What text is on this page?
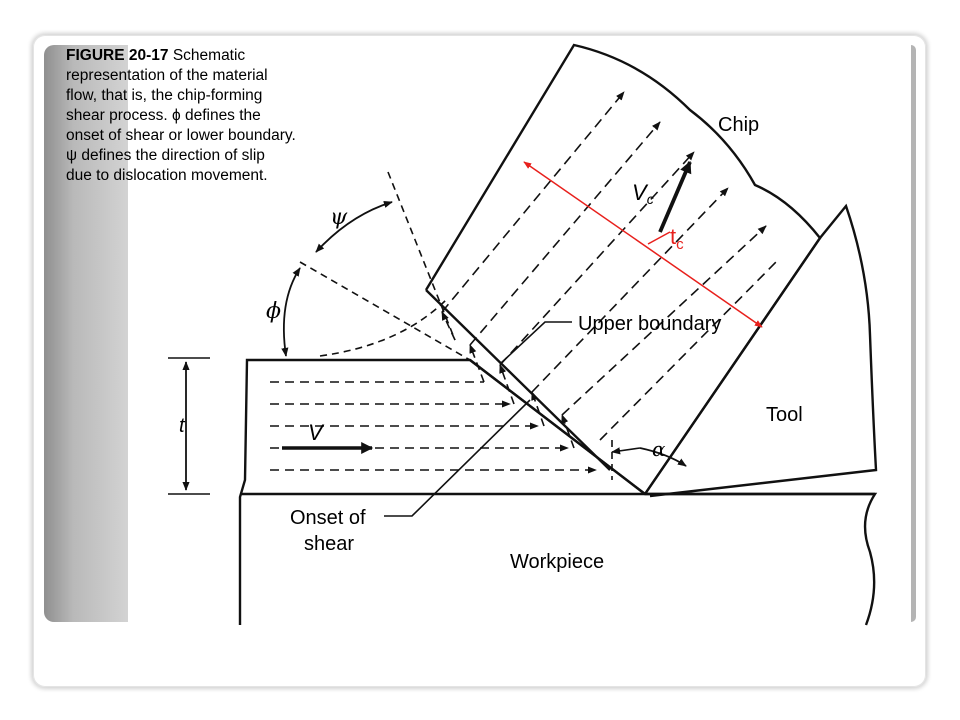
Chip
Tool
Workpiece
Upper boundary
Onset of
shear
t	V
Vc
ψ
ϕ
α
$t_c$
FIGURE 20-17 Schematic
representation of the material
flow, that is, the chip-forming
shear process. ϕ defines the
onset of shear or lower boundary.
ψ defines the direction of slip
due to dislocation movement.
